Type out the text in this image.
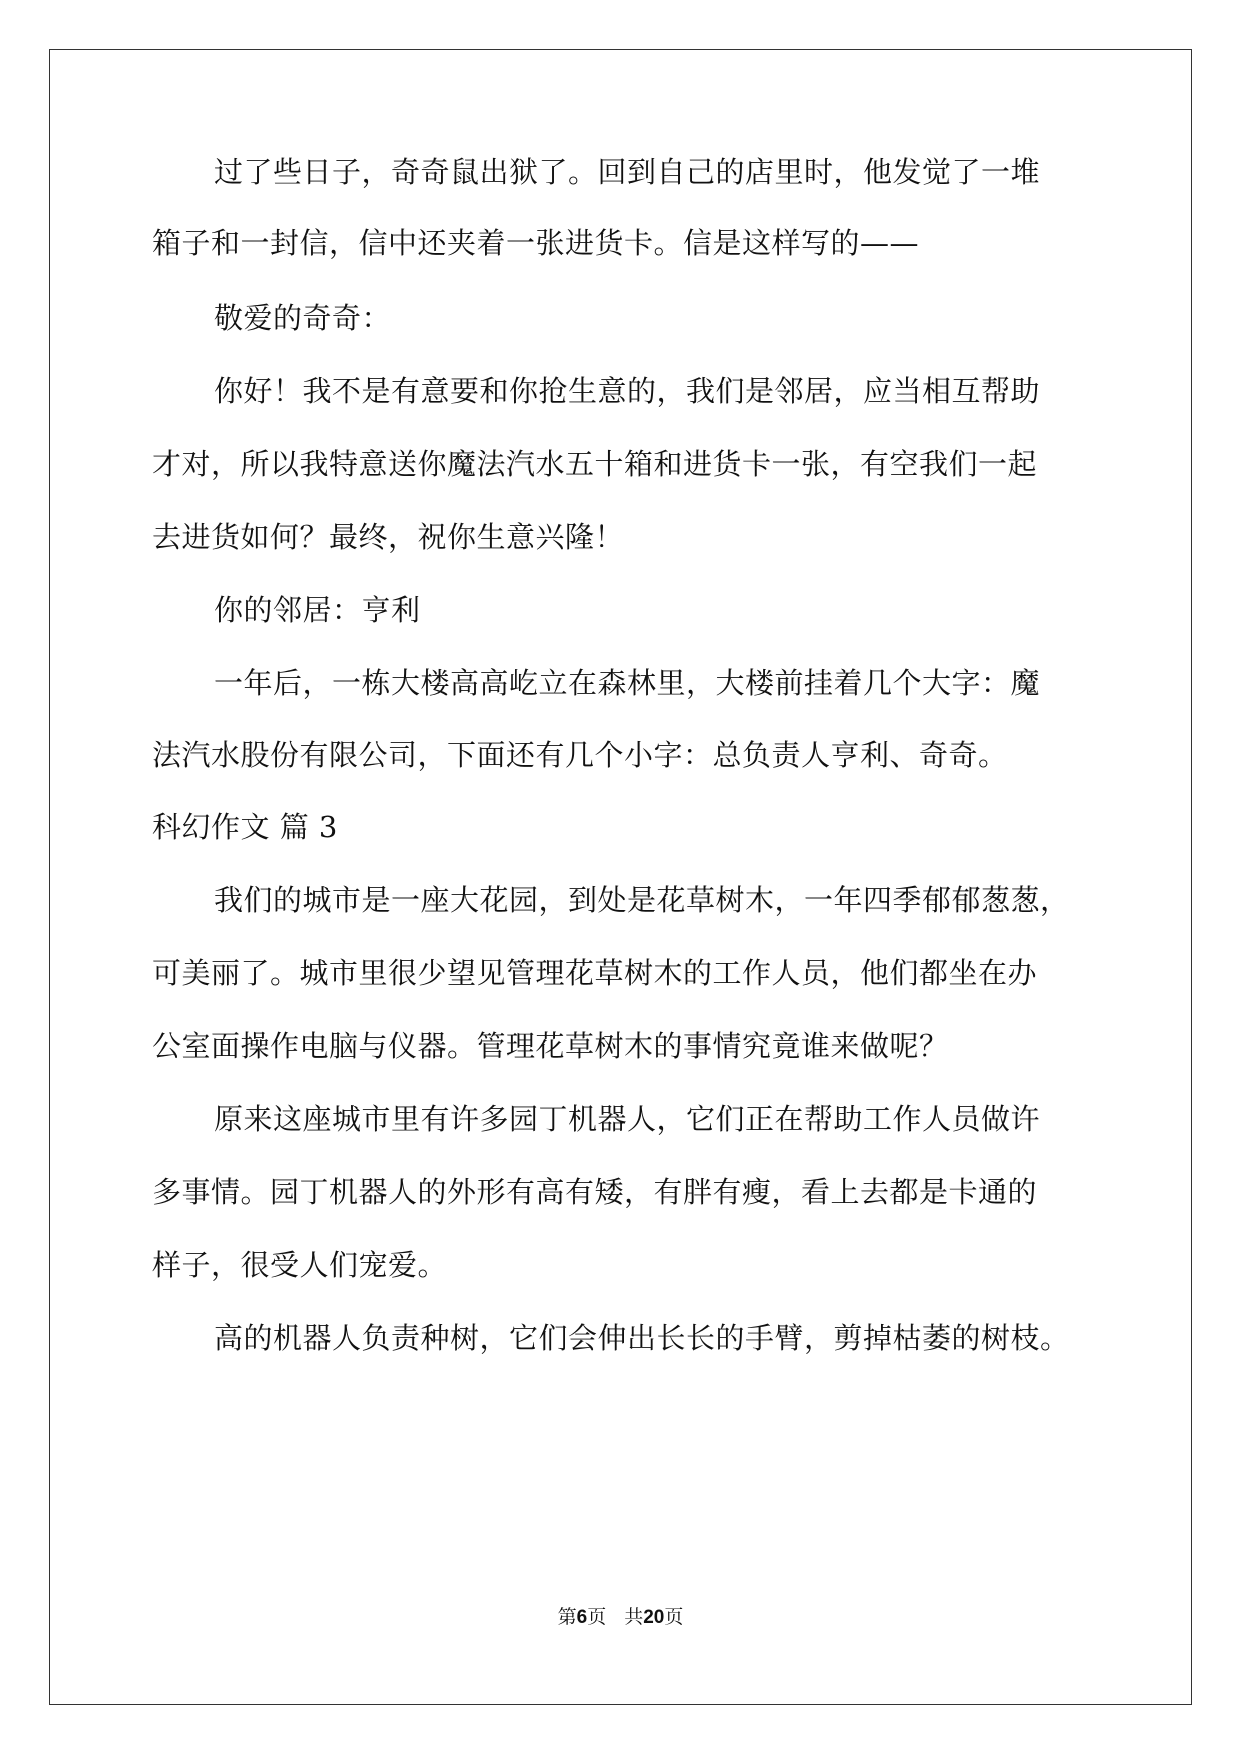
过了些日子，奇奇鼠出狱了。回到自己的店里时，他发觉了一堆
箱子和一封信，信中还夹着一张进货卡。信是这样写的——
敬爱的奇奇：
你好！我不是有意要和你抢生意的，我们是邻居，应当相互帮助
才对，所以我特意送你魔法汽水五十箱和进货卡一张，有空我们一起
去进货如何？最终，祝你生意兴隆！
你的邻居：亨利
一年后，一栋大楼高高屹立在森林里，大楼前挂着几个大字：魔
法汽水股份有限公司，下面还有几个小字：总负责人亨利、奇奇。
科幻作文 篇 3
我们的城市是一座大花园，到处是花草树木，一年四季郁郁葱葱，
可美丽了。城市里很少望见管理花草树木的工作人员，他们都坐在办
公室面操作电脑与仪器。管理花草树木的事情究竟谁来做呢？
原来这座城市里有许多园丁机器人，它们正在帮助工作人员做许
多事情。园丁机器人的外形有高有矮，有胖有瘦，看上去都是卡通的
样子，很受人们宠爱。
高的机器人负责种树，它们会伸出长长的手臂，剪掉枯萎的树枝。
第6页 共20页
